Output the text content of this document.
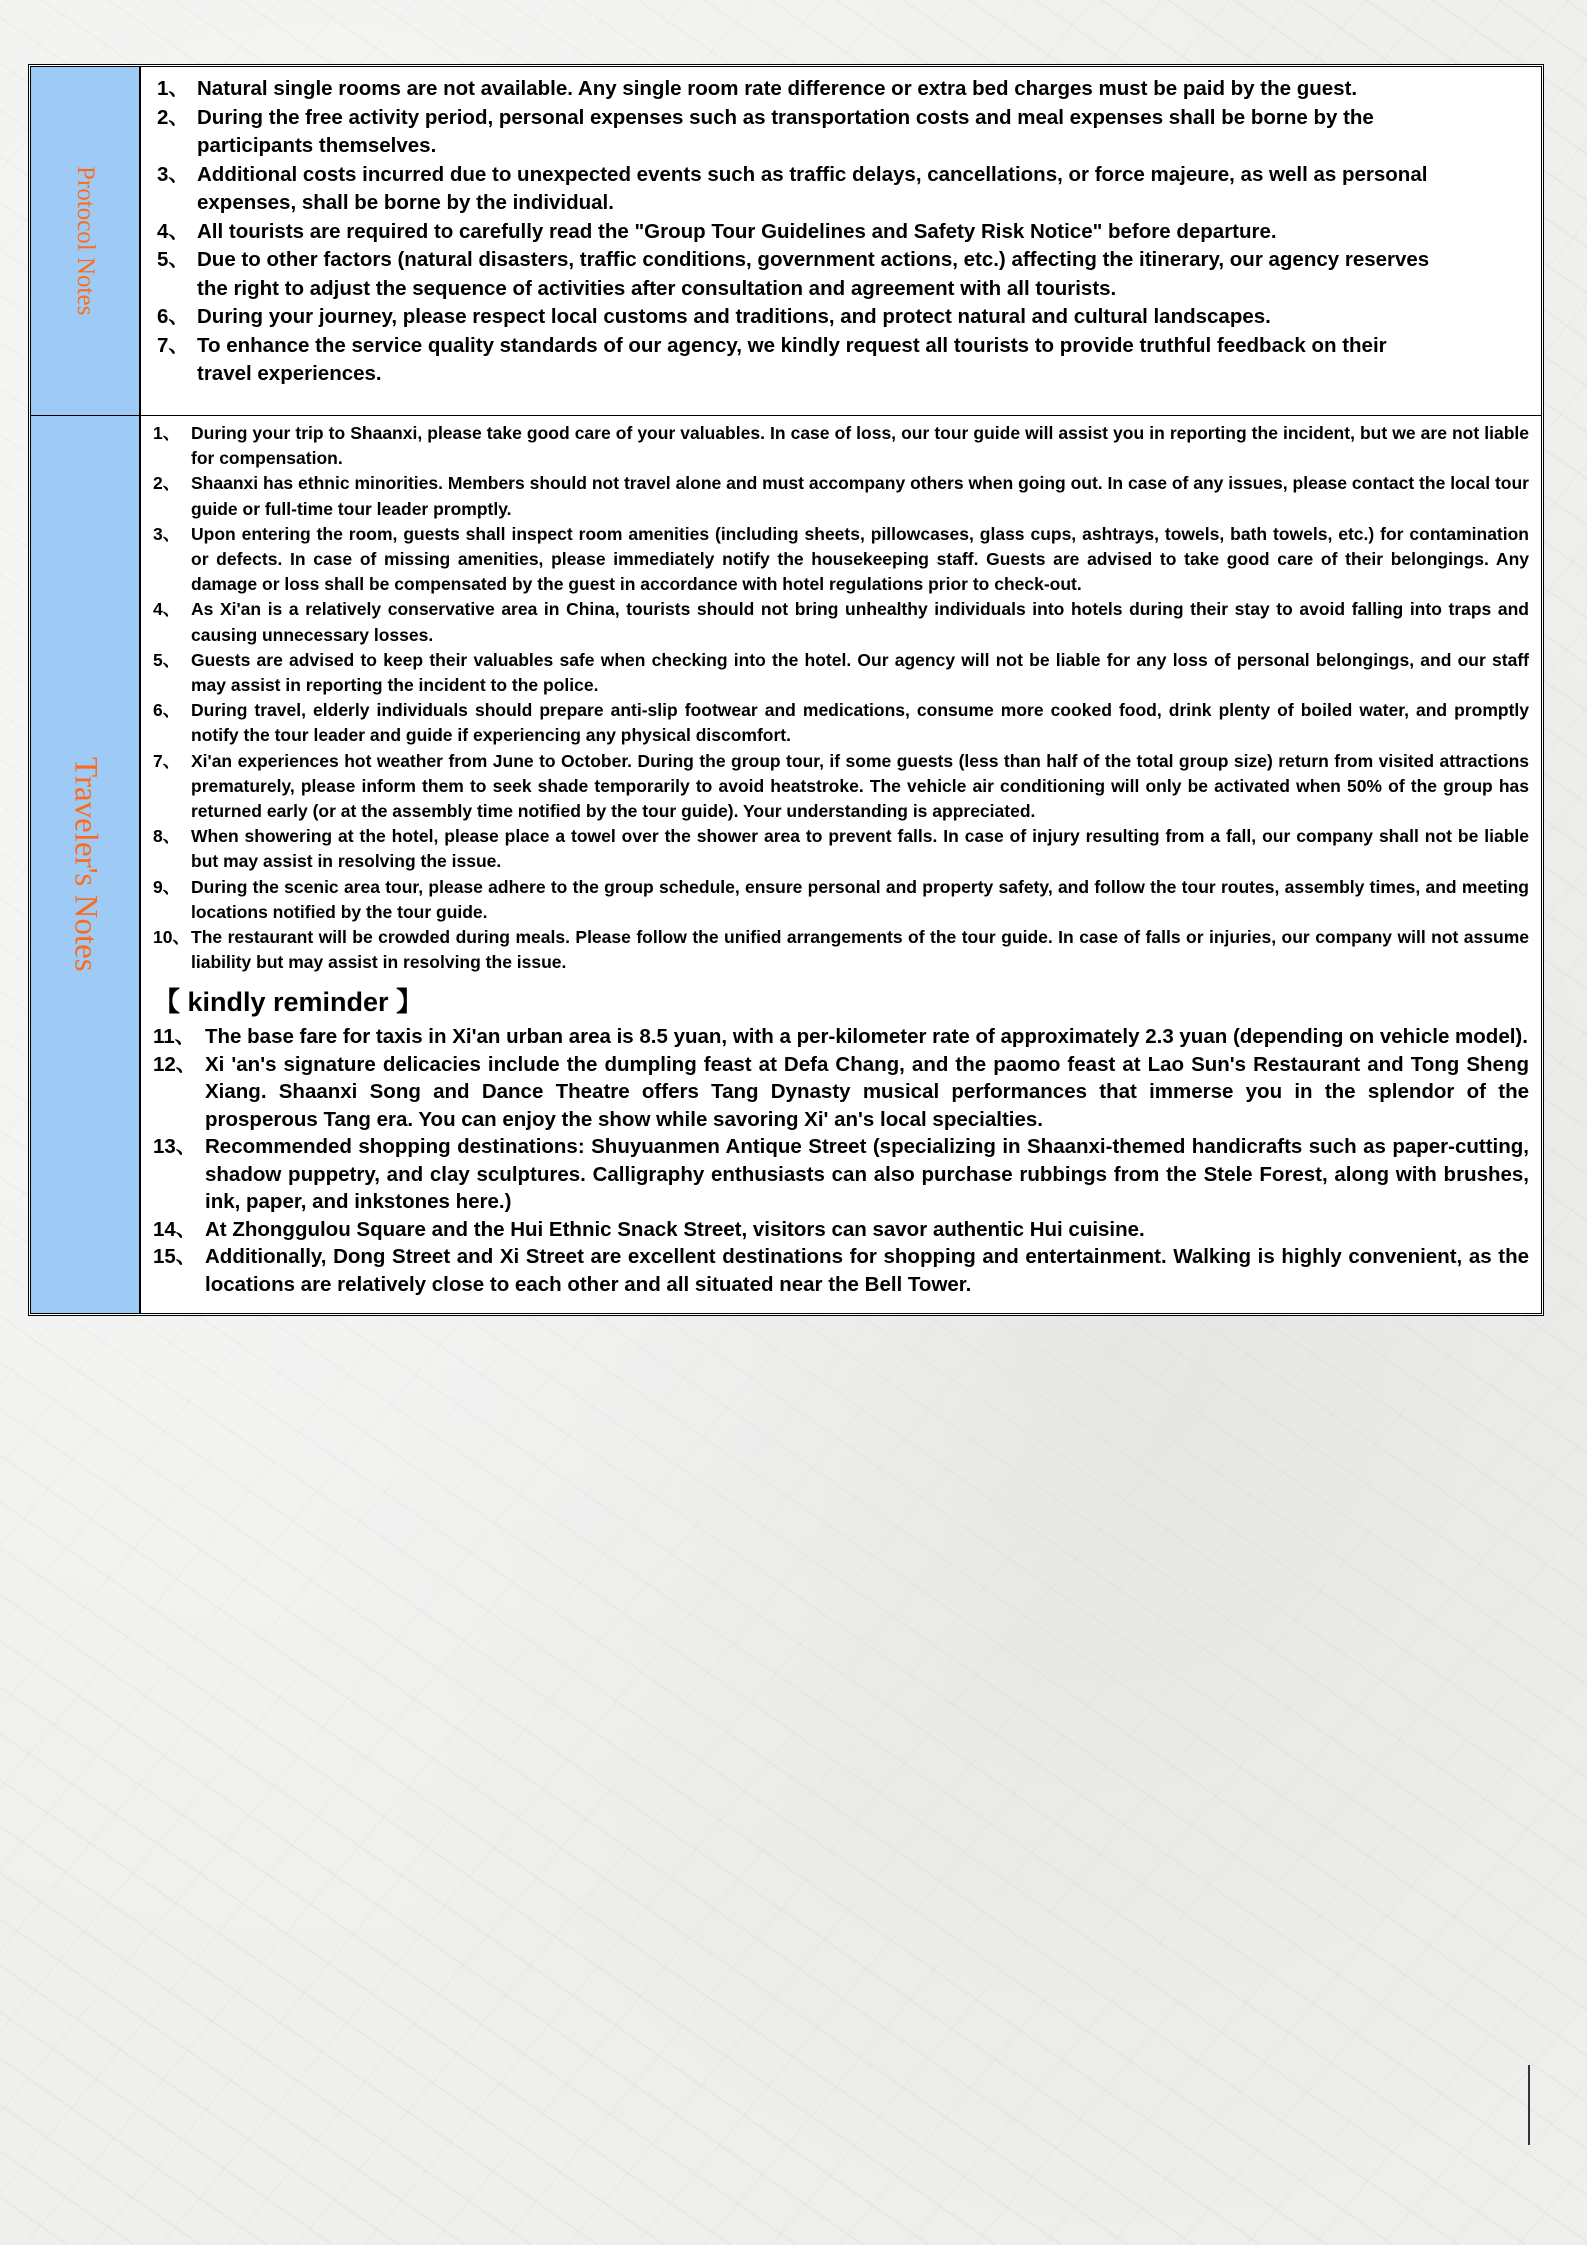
Protocol Notes
1、 Natural single rooms are not available. Any single room rate difference or extra bed charges must be paid by the guest.
2、 During the free activity period, personal expenses such as transportation costs and meal expenses shall be borne by the participants themselves.
3、 Additional costs incurred due to unexpected events such as traffic delays, cancellations, or force majeure, as well as personal expenses, shall be borne by the individual.
4、 All tourists are required to carefully read the "Group Tour Guidelines and Safety Risk Notice" before departure.
5、 Due to other factors (natural disasters, traffic conditions, government actions, etc.) affecting the itinerary, our agency reserves the right to adjust the sequence of activities after consultation and agreement with all tourists.
6、 During your journey, please respect local customs and traditions, and protect natural and cultural landscapes.
7、 To enhance the service quality standards of our agency, we kindly request all tourists to provide truthful feedback on their travel experiences.
Traveler's Notes
1、 During your trip to Shaanxi, please take good care of your valuables. In case of loss, our tour guide will assist you in reporting the incident, but we are not liable for compensation.
2、 Shaanxi has ethnic minorities. Members should not travel alone and must accompany others when going out. In case of any issues, please contact the local tour guide or full-time tour leader promptly.
3、 Upon entering the room, guests shall inspect room amenities (including sheets, pillowcases, glass cups, ashtrays, towels, bath towels, etc.) for contamination or defects. In case of missing amenities, please immediately notify the housekeeping staff. Guests are advised to take good care of their belongings. Any damage or loss shall be compensated by the guest in accordance with hotel regulations prior to check-out.
4、 As Xi'an is a relatively conservative area in China, tourists should not bring unhealthy individuals into hotels during their stay to avoid falling into traps and causing unnecessary losses.
5、 Guests are advised to keep their valuables safe when checking into the hotel. Our agency will not be liable for any loss of personal belongings, and our staff may assist in reporting the incident to the police.
6、 During travel, elderly individuals should prepare anti-slip footwear and medications, consume more cooked food, drink plenty of boiled water, and promptly notify the tour leader and guide if experiencing any physical discomfort.
7、 Xi'an experiences hot weather from June to October. During the group tour, if some guests (less than half of the total group size) return from visited attractions prematurely, please inform them to seek shade temporarily to avoid heatstroke. The vehicle air conditioning will only be activated when 50% of the group has returned early (or at the assembly time notified by the tour guide). Your understanding is appreciated.
8、 When showering at the hotel, please place a towel over the shower area to prevent falls. In case of injury resulting from a fall, our company shall not be liable but may assist in resolving the issue.
9、 During the scenic area tour, please adhere to the group schedule, ensure personal and property safety, and follow the tour routes, assembly times, and meeting locations notified by the tour guide.
10、 The restaurant will be crowded during meals. Please follow the unified arrangements of the tour guide. In case of falls or injuries, our company will not assume liability but may assist in resolving the issue.
【 kindly reminder 】
11、 The base fare for taxis in Xi'an urban area is 8.5 yuan, with a per-kilometer rate of approximately 2.3 yuan (depending on vehicle model).
12、 Xi 'an's signature delicacies include the dumpling feast at Defa Chang, and the paomo feast at Lao Sun's Restaurant and Tong Sheng Xiang. Shaanxi Song and Dance Theatre offers Tang Dynasty musical performances that immerse you in the splendor of the prosperous Tang era. You can enjoy the show while savoring Xi' an's local specialties.
13、 Recommended shopping destinations: Shuyuanmen Antique Street (specializing in Shaanxi-themed handicrafts such as paper-cutting, shadow puppetry, and clay sculptures. Calligraphy enthusiasts can also purchase rubbings from the Stele Forest, along with brushes, ink, paper, and inkstones here.)
14、 At Zhonggulou Square and the Hui Ethnic Snack Street, visitors can savor authentic Hui cuisine.
15、 Additionally, Dong Street and Xi Street are excellent destinations for shopping and entertainment. Walking is highly convenient, as the locations are relatively close to each other and all situated near the Bell Tower.
